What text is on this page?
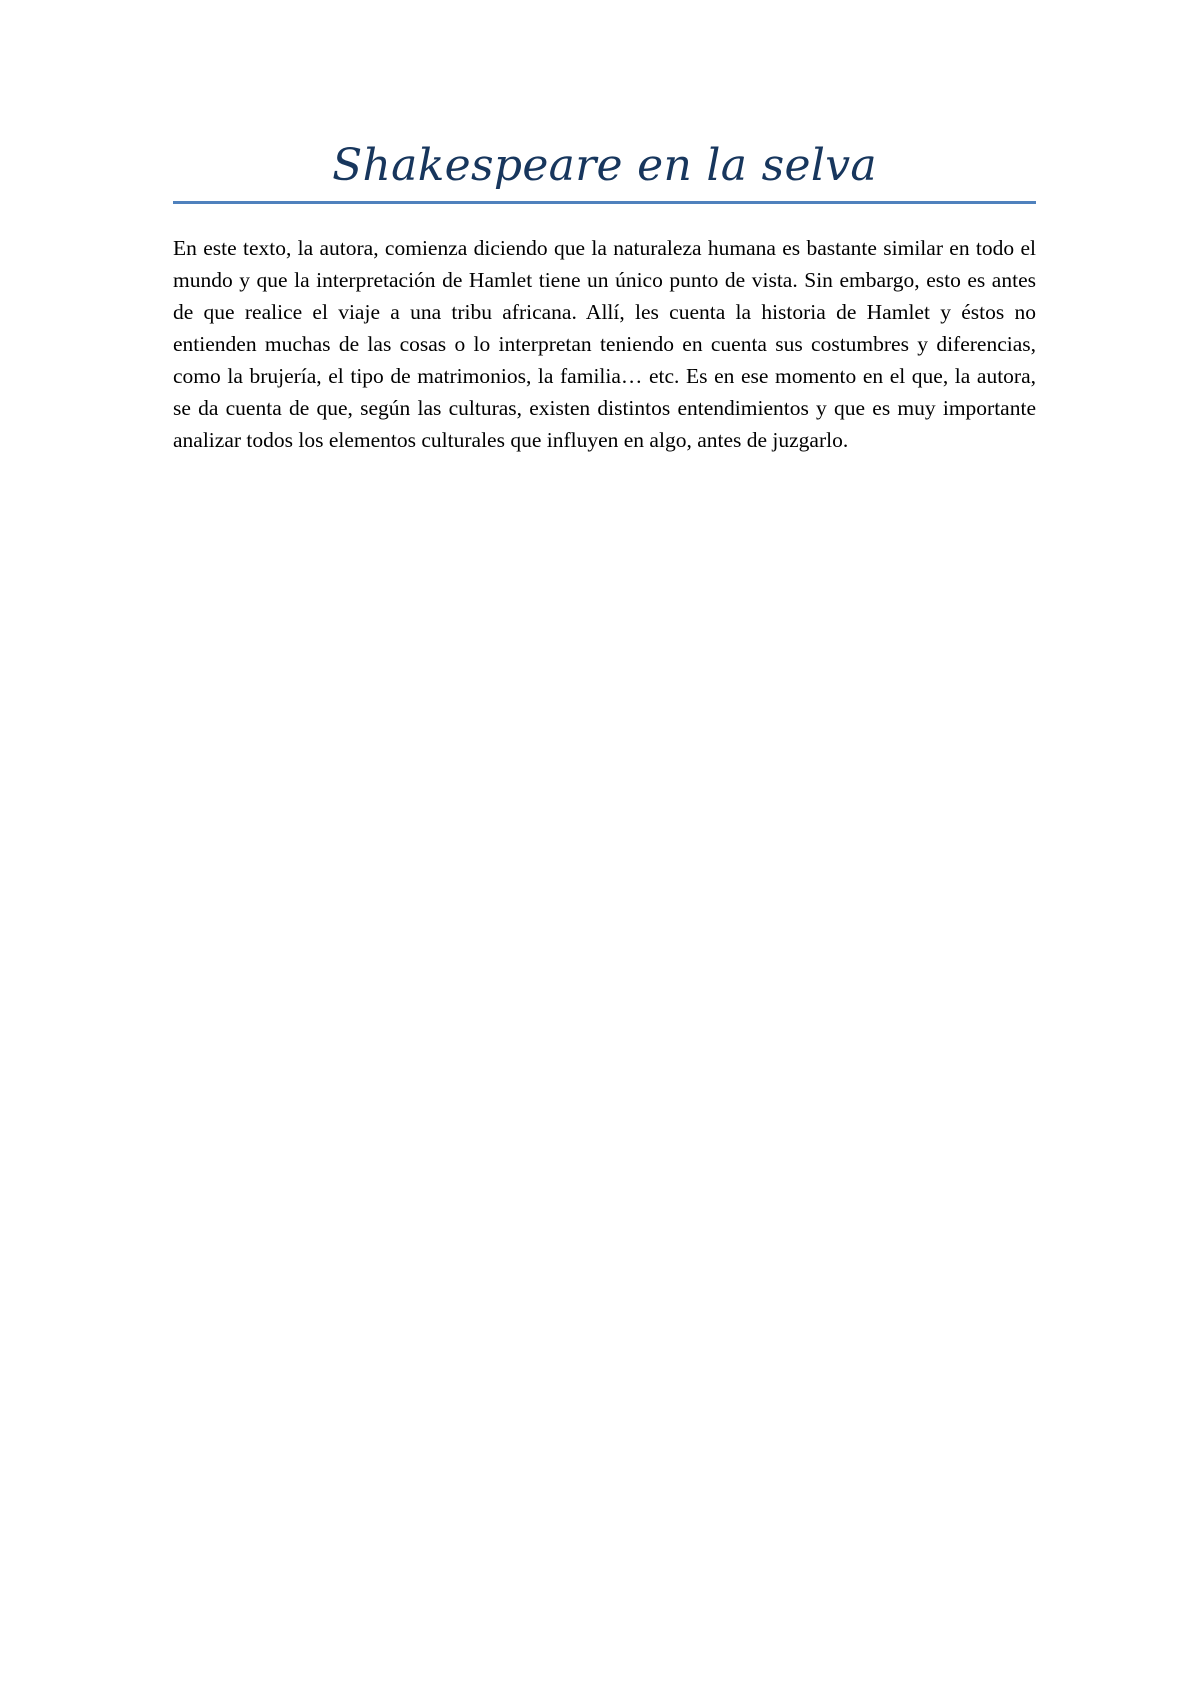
Shakespeare en la selva

En este texto, la autora, comienza diciendo que la naturaleza humana es bastante similar en todo el mundo y que la interpretación de Hamlet tiene un único punto de vista. Sin embargo, esto es antes de que realice el viaje a una tribu africana. Allí, les cuenta la historia de Hamlet y éstos no entienden muchas de las cosas o lo interpretan teniendo en cuenta sus costumbres y diferencias, como la brujería, el tipo de matrimonios, la familia… etc. Es en ese momento en el que, la autora, se da cuenta de que, según las culturas, existen distintos entendimientos y que es muy importante analizar todos los elementos culturales que influyen en algo, antes de juzgarlo.
